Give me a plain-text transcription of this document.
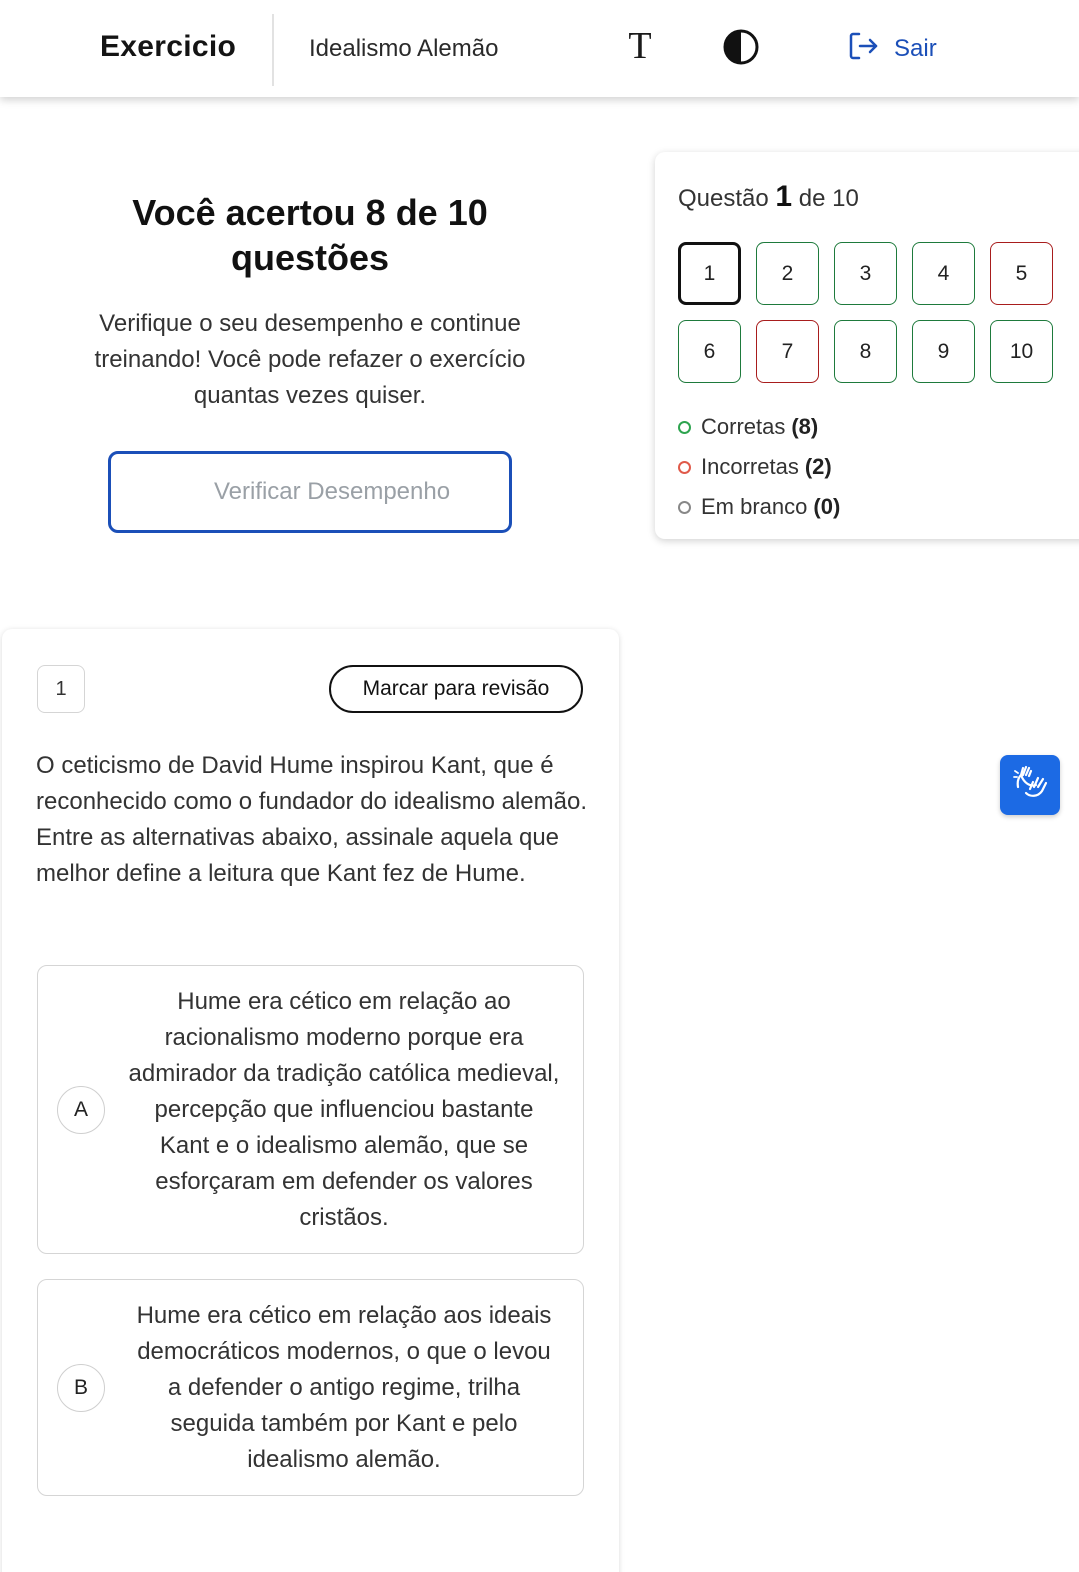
Exercicio	Idealismo Alemão	T	Sair
Você acertou 8 de 10 questões
Verifique o seu desempenho e continue treinando! Você pode refazer o exercício quantas vezes quiser.
Verificar Desempenho
Questão 1 de 10
1	2	3	4	5
6	7	8	9	10
Corretas (8)
Incorretas (2)
Em branco (0)
1	Marcar para revisão
O ceticismo de David Hume inspirou Kant, que é reconhecido como o fundador do idealismo alemão. Entre as alternativas abaixo, assinale aquela que melhor define a leitura que Kant fez de Hume.
A
Hume era cético em relação ao racionalismo moderno porque era admirador da tradição católica medieval, percepção que influenciou bastante Kant e o idealismo alemão, que se esforçaram em defender os valores cristãos.
B
Hume era cético em relação aos ideais democráticos modernos, o que o levou a defender o antigo regime, trilha seguida também por Kant e pelo idealismo alemão.
